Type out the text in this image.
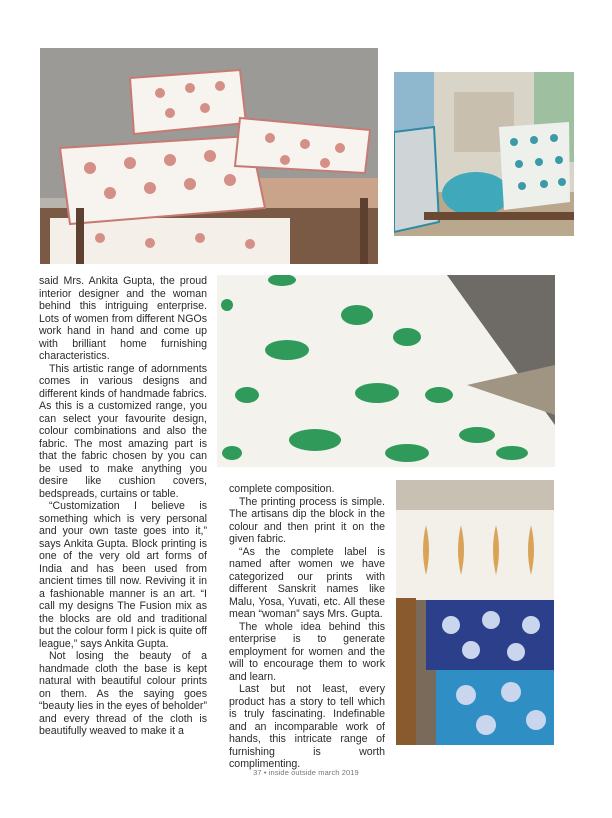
said Mrs. Ankita Gupta, the proud interior designer and the woman behind this intriguing enterprise. Lots of women from different NGOs work hand in hand and come up with brilliant home furnishing characteristics.

This artistic range of adornments comes in various designs and different kinds of handmade fabrics. As this is a customized range, you can select your favourite design, colour combinations and also the fabric. The most amazing part is that the fabric chosen by you can be used to make anything you desire like cushion covers, bedspreads, curtains or table.

“Customization I believe is something which is very personal and your own taste goes into it,” says Ankita Gupta. Block printing is one of the very old art forms of India and has been used from ancient times till now. Reviving it in a fashionable manner is an art. “I call my designs The Fusion mix as the blocks are old and traditional but the colour form I pick is quite off league,” says Ankita Gupta.

Not losing the beauty of a handmade cloth the base is kept natural with beautiful colour prints on them. As the saying goes “beauty lies in the eyes of beholder” and every thread of the cloth is beautifully weaved to make it a

complete composition.

The printing process is simple. The artisans dip the block in the colour and then print it on the given fabric.

“As the complete label is named after women we have categorized our prints with different Sanskrit names like Malu, Yosa, Yuvati, etc. All these mean “woman” says Mrs. Gupta.

The whole idea behind this enterprise is to generate employment for women and the will to encourage them to work and learn.

Last but not least, every product has a story to tell which is truly fascinating. Indefinable and an incomparable work of hands, this intricate range of furnishing is worth complimenting.

37 • inside outside march 2019
